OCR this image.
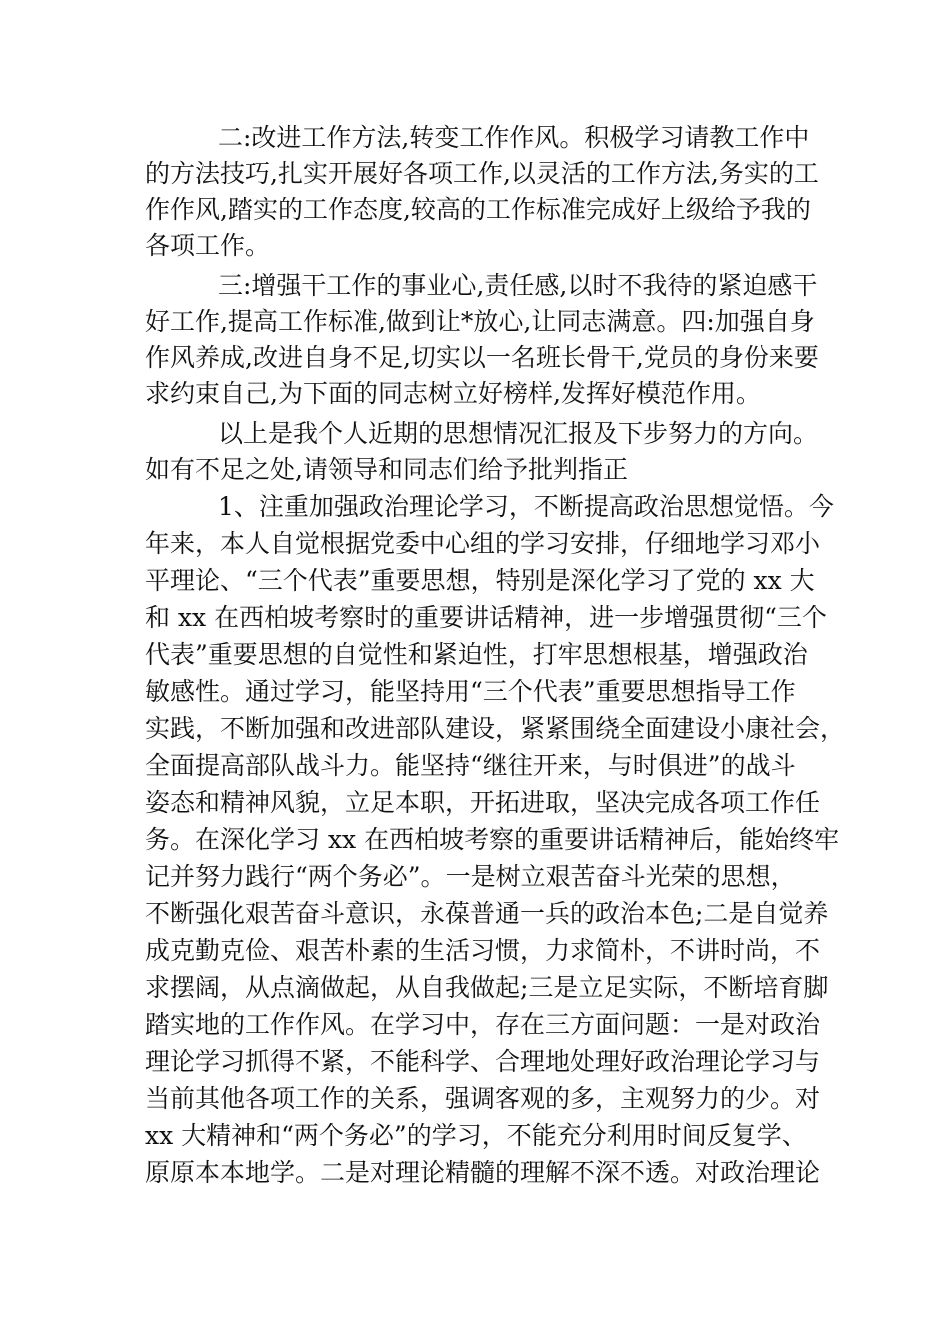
二:改进工作方法,转变工作作风。积极学习请教工作中
的方法技巧,扎实开展好各项工作,以灵活的工作方法,务实的工
作作风,踏实的工作态度,较高的工作标准完成好上级给予我的
各项工作。
三:增强干工作的事业心,责任感,以时不我待的紧迫感干
好工作,提高工作标准,做到让*放心,让同志满意。四:加强自身
作风养成,改进自身不足,切实以一名班长骨干,党员的身份来要
求约束自己,为下面的同志树立好榜样,发挥好模范作用。
以上是我个人近期的思想情况汇报及下步努力的方向。
如有不足之处,请领导和同志们给予批判指正
1、注重加强政治理论学习，不断提高政治思想觉悟。今
年来，本人自觉根据党委中心组的学习安排，仔细地学习邓小
平理论、“三个代表”重要思想，特别是深化学习了党的 xx 大
和 xx 在西柏坡考察时的重要讲话精神，进一步增强贯彻“三个
代表”重要思想的自觉性和紧迫性，打牢思想根基，增强政治
敏感性。通过学习，能坚持用“三个代表”重要思想指导工作
实践，不断加强和改进部队建设，紧紧围绕全面建设小康社会，
全面提高部队战斗力。能坚持“继往开来，与时俱进”的战斗
姿态和精神风貌，立足本职，开拓进取，坚决完成各项工作任
务。在深化学习 xx 在西柏坡考察的重要讲话精神后，能始终牢
记并努力践行“两个务必”。一是树立艰苦奋斗光荣的思想，
不断强化艰苦奋斗意识，永葆普通一兵的政治本色;二是自觉养
成克勤克俭、艰苦朴素的生活习惯，力求简朴，不讲时尚，不
求摆阔，从点滴做起，从自我做起;三是立足实际，不断培育脚
踏实地的工作作风。在学习中，存在三方面问题：一是对政治
理论学习抓得不紧，不能科学、合理地处理好政治理论学习与
当前其他各项工作的关系，强调客观的多，主观努力的少。对
xx 大精神和“两个务必”的学习，不能充分利用时间反复学、
原原本本地学。二是对理论精髓的理解不深不透。对政治理论
